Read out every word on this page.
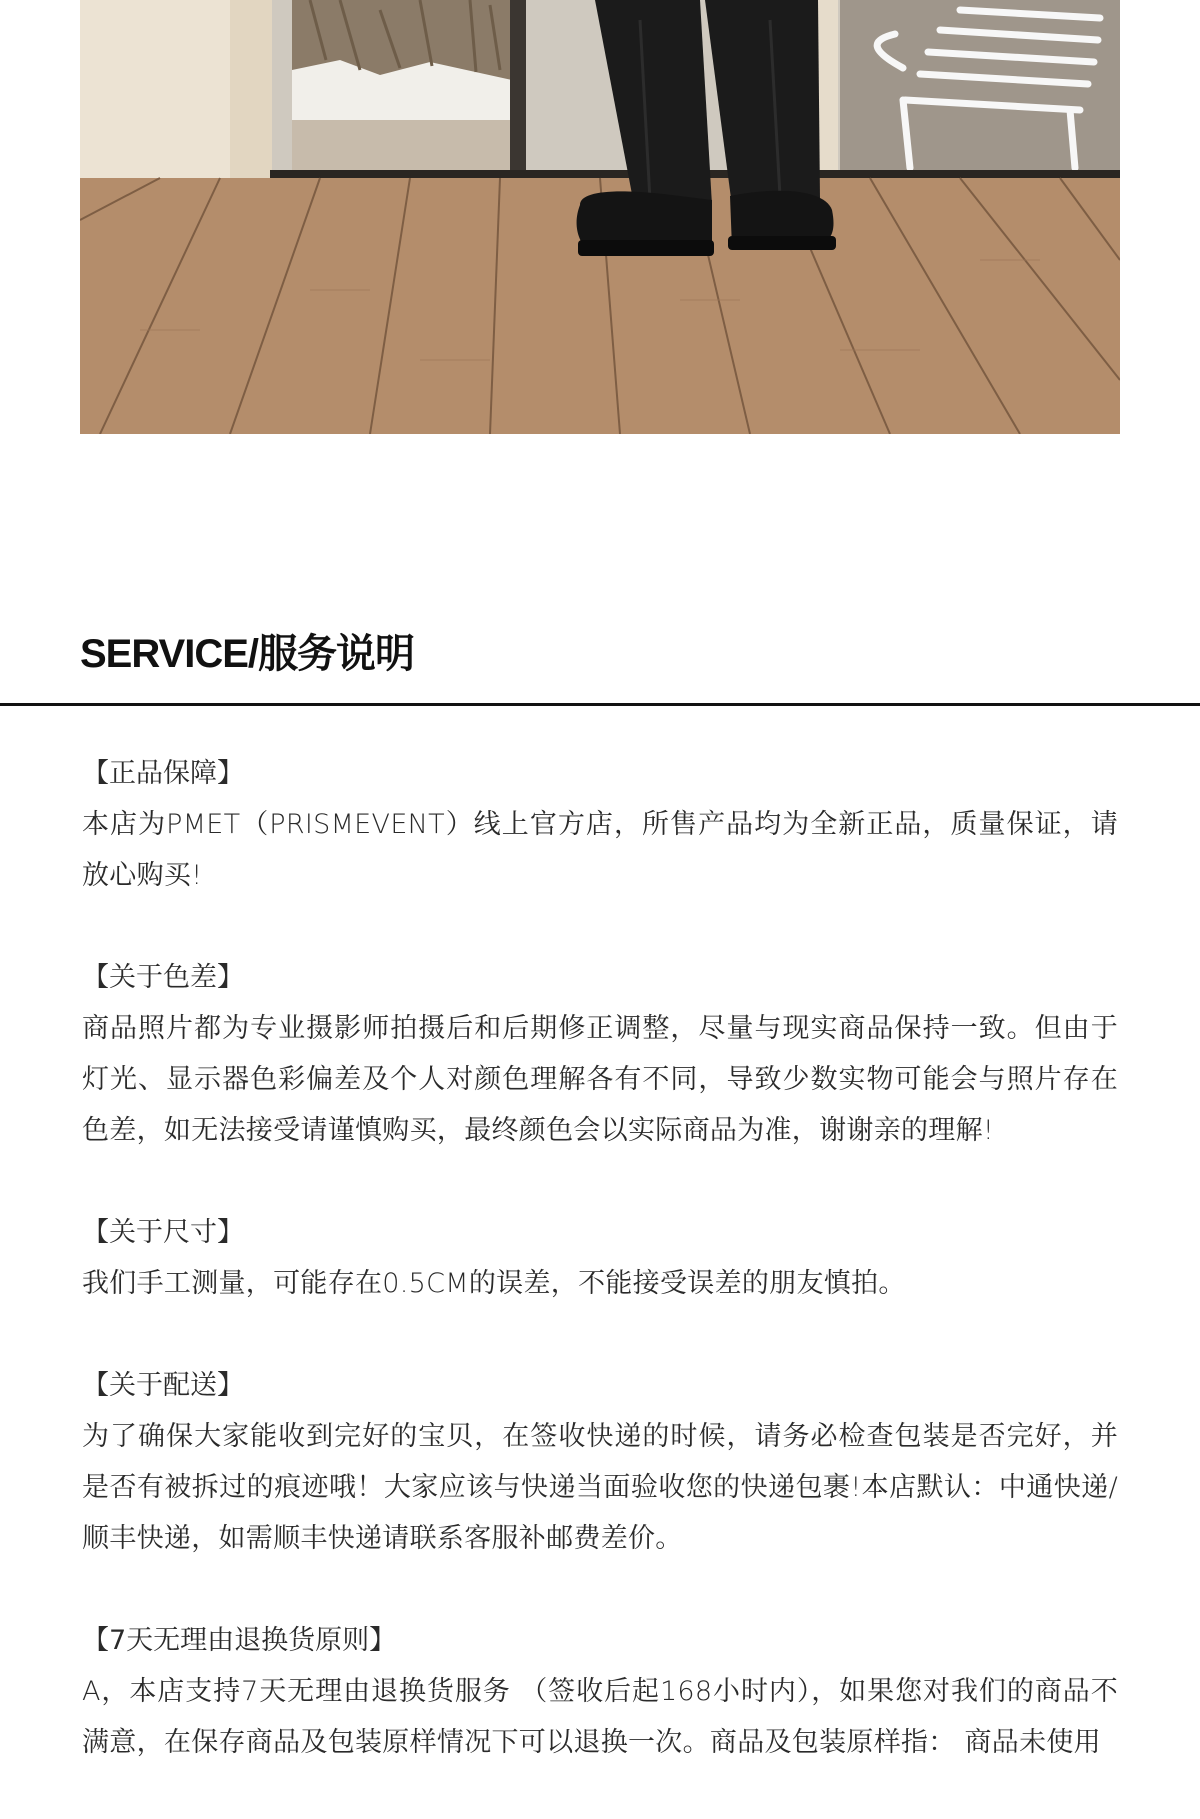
SERVICE/服务说明
【正品保障】

本店为PMET（PRISMEVENT）线上官方店，所售产品均为全新正品，质量保证，请放心购买!

【关于色差】

商品照片都为专业摄影师拍摄后和后期修正调整，尽量与现实商品保持一致。但由于灯光、显示器色彩偏差及个人对颜色理解各有不同，导致少数实物可能会与照片存在色差，如无法接受请谨慎购买，最终颜色会以实际商品为准，谢谢亲的理解!

【关于尺寸】

我们手工测量，可能存在0.5CM的误差，不能接受误差的朋友慎拍。

【关于配送】

为了确保大家能收到完好的宝贝，在签收快递的时候，请务必检查包装是否完好，并是否有被拆过的痕迹哦！大家应该与快递当面验收您的快递包裹!本店默认：中通快递/顺丰快递，如需顺丰快递请联系客服补邮费差价。

【7天无理由退换货原则】

A，本店支持7天无理由退换货服务 （签收后起168小时内），如果您对我们的商品不满意，在保存商品及包装原样情况下可以退换一次。商品及包装原样指： 商品未使用
